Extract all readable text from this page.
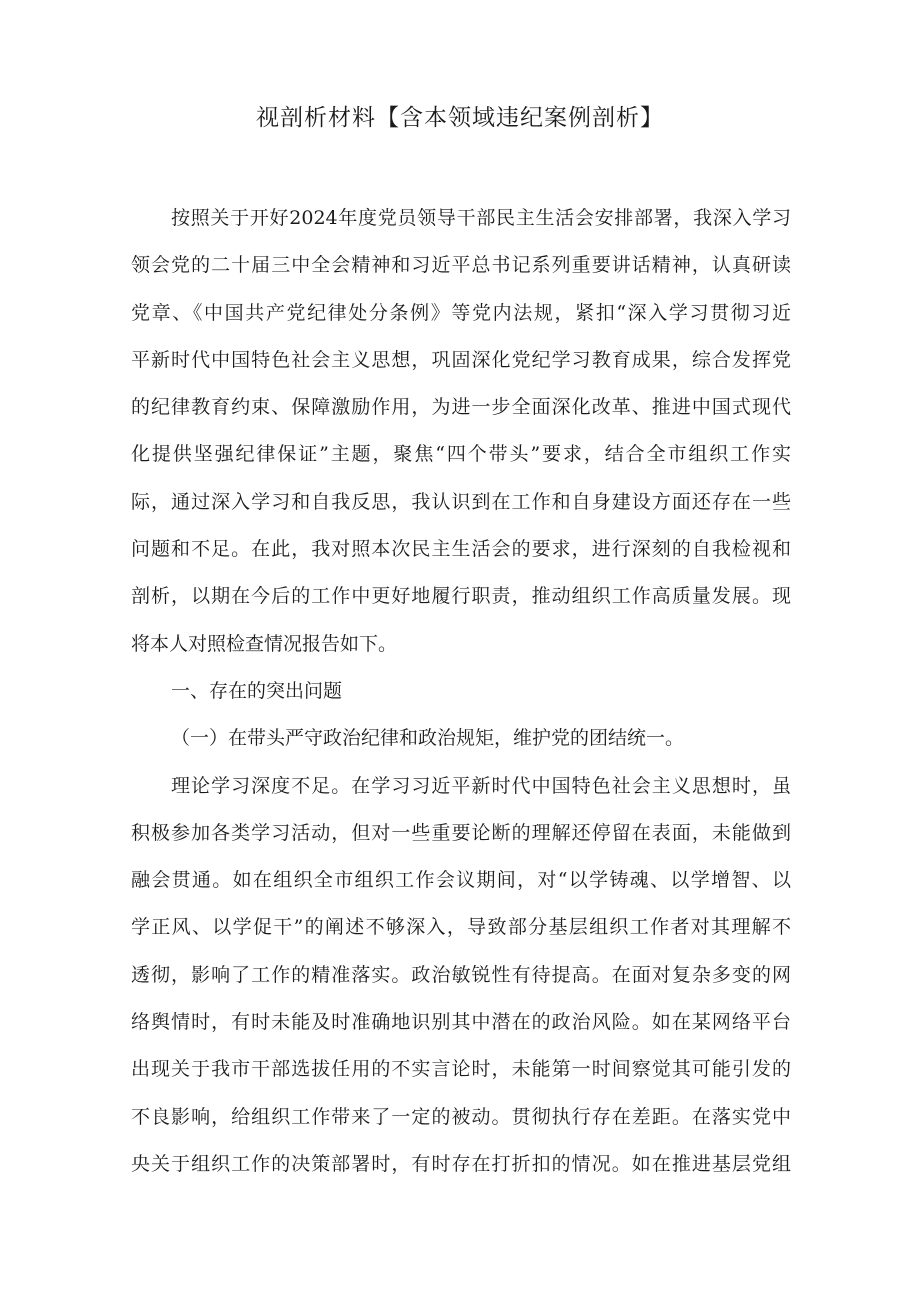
视剖析材料【含本领域违纪案例剖析】
按照关于开好2024年度党员领导干部民主生活会安排部署，我深入学习
领会党的二十届三中全会精神和习近平总书记系列重要讲话精神，认真研读
党章、《中国共产党纪律处分条例》等党内法规，紧扣“深入学习贯彻习近
平新时代中国特色社会主义思想，巩固深化党纪学习教育成果，综合发挥党
的纪律教育约束、保障激励作用，为进一步全面深化改革、推进中国式现代
化提供坚强纪律保证”主题，聚焦“四个带头”要求，结合全市组织工作实
际，通过深入学习和自我反思，我认识到在工作和自身建设方面还存在一些
问题和不足。在此，我对照本次民主生活会的要求，进行深刻的自我检视和
剖析，以期在今后的工作中更好地履行职责，推动组织工作高质量发展。现
将本人对照检查情况报告如下。
一、存在的突出问题
（一）在带头严守政治纪律和政治规矩，维护党的团结统一。
理论学习深度不足。在学习习近平新时代中国特色社会主义思想时，虽
积极参加各类学习活动，但对一些重要论断的理解还停留在表面，未能做到
融会贯通。如在组织全市组织工作会议期间，对“以学铸魂、以学增智、以
学正风、以学促干”的阐述不够深入，导致部分基层组织工作者对其理解不
透彻，影响了工作的精准落实。政治敏锐性有待提高。在面对复杂多变的网
络舆情时，有时未能及时准确地识别其中潜在的政治风险。如在某网络平台
出现关于我市干部选拔任用的不实言论时，未能第一时间察觉其可能引发的
不良影响，给组织工作带来了一定的被动。贯彻执行存在差距。在落实党中
央关于组织工作的决策部署时，有时存在打折扣的情况。如在推进基层党组
